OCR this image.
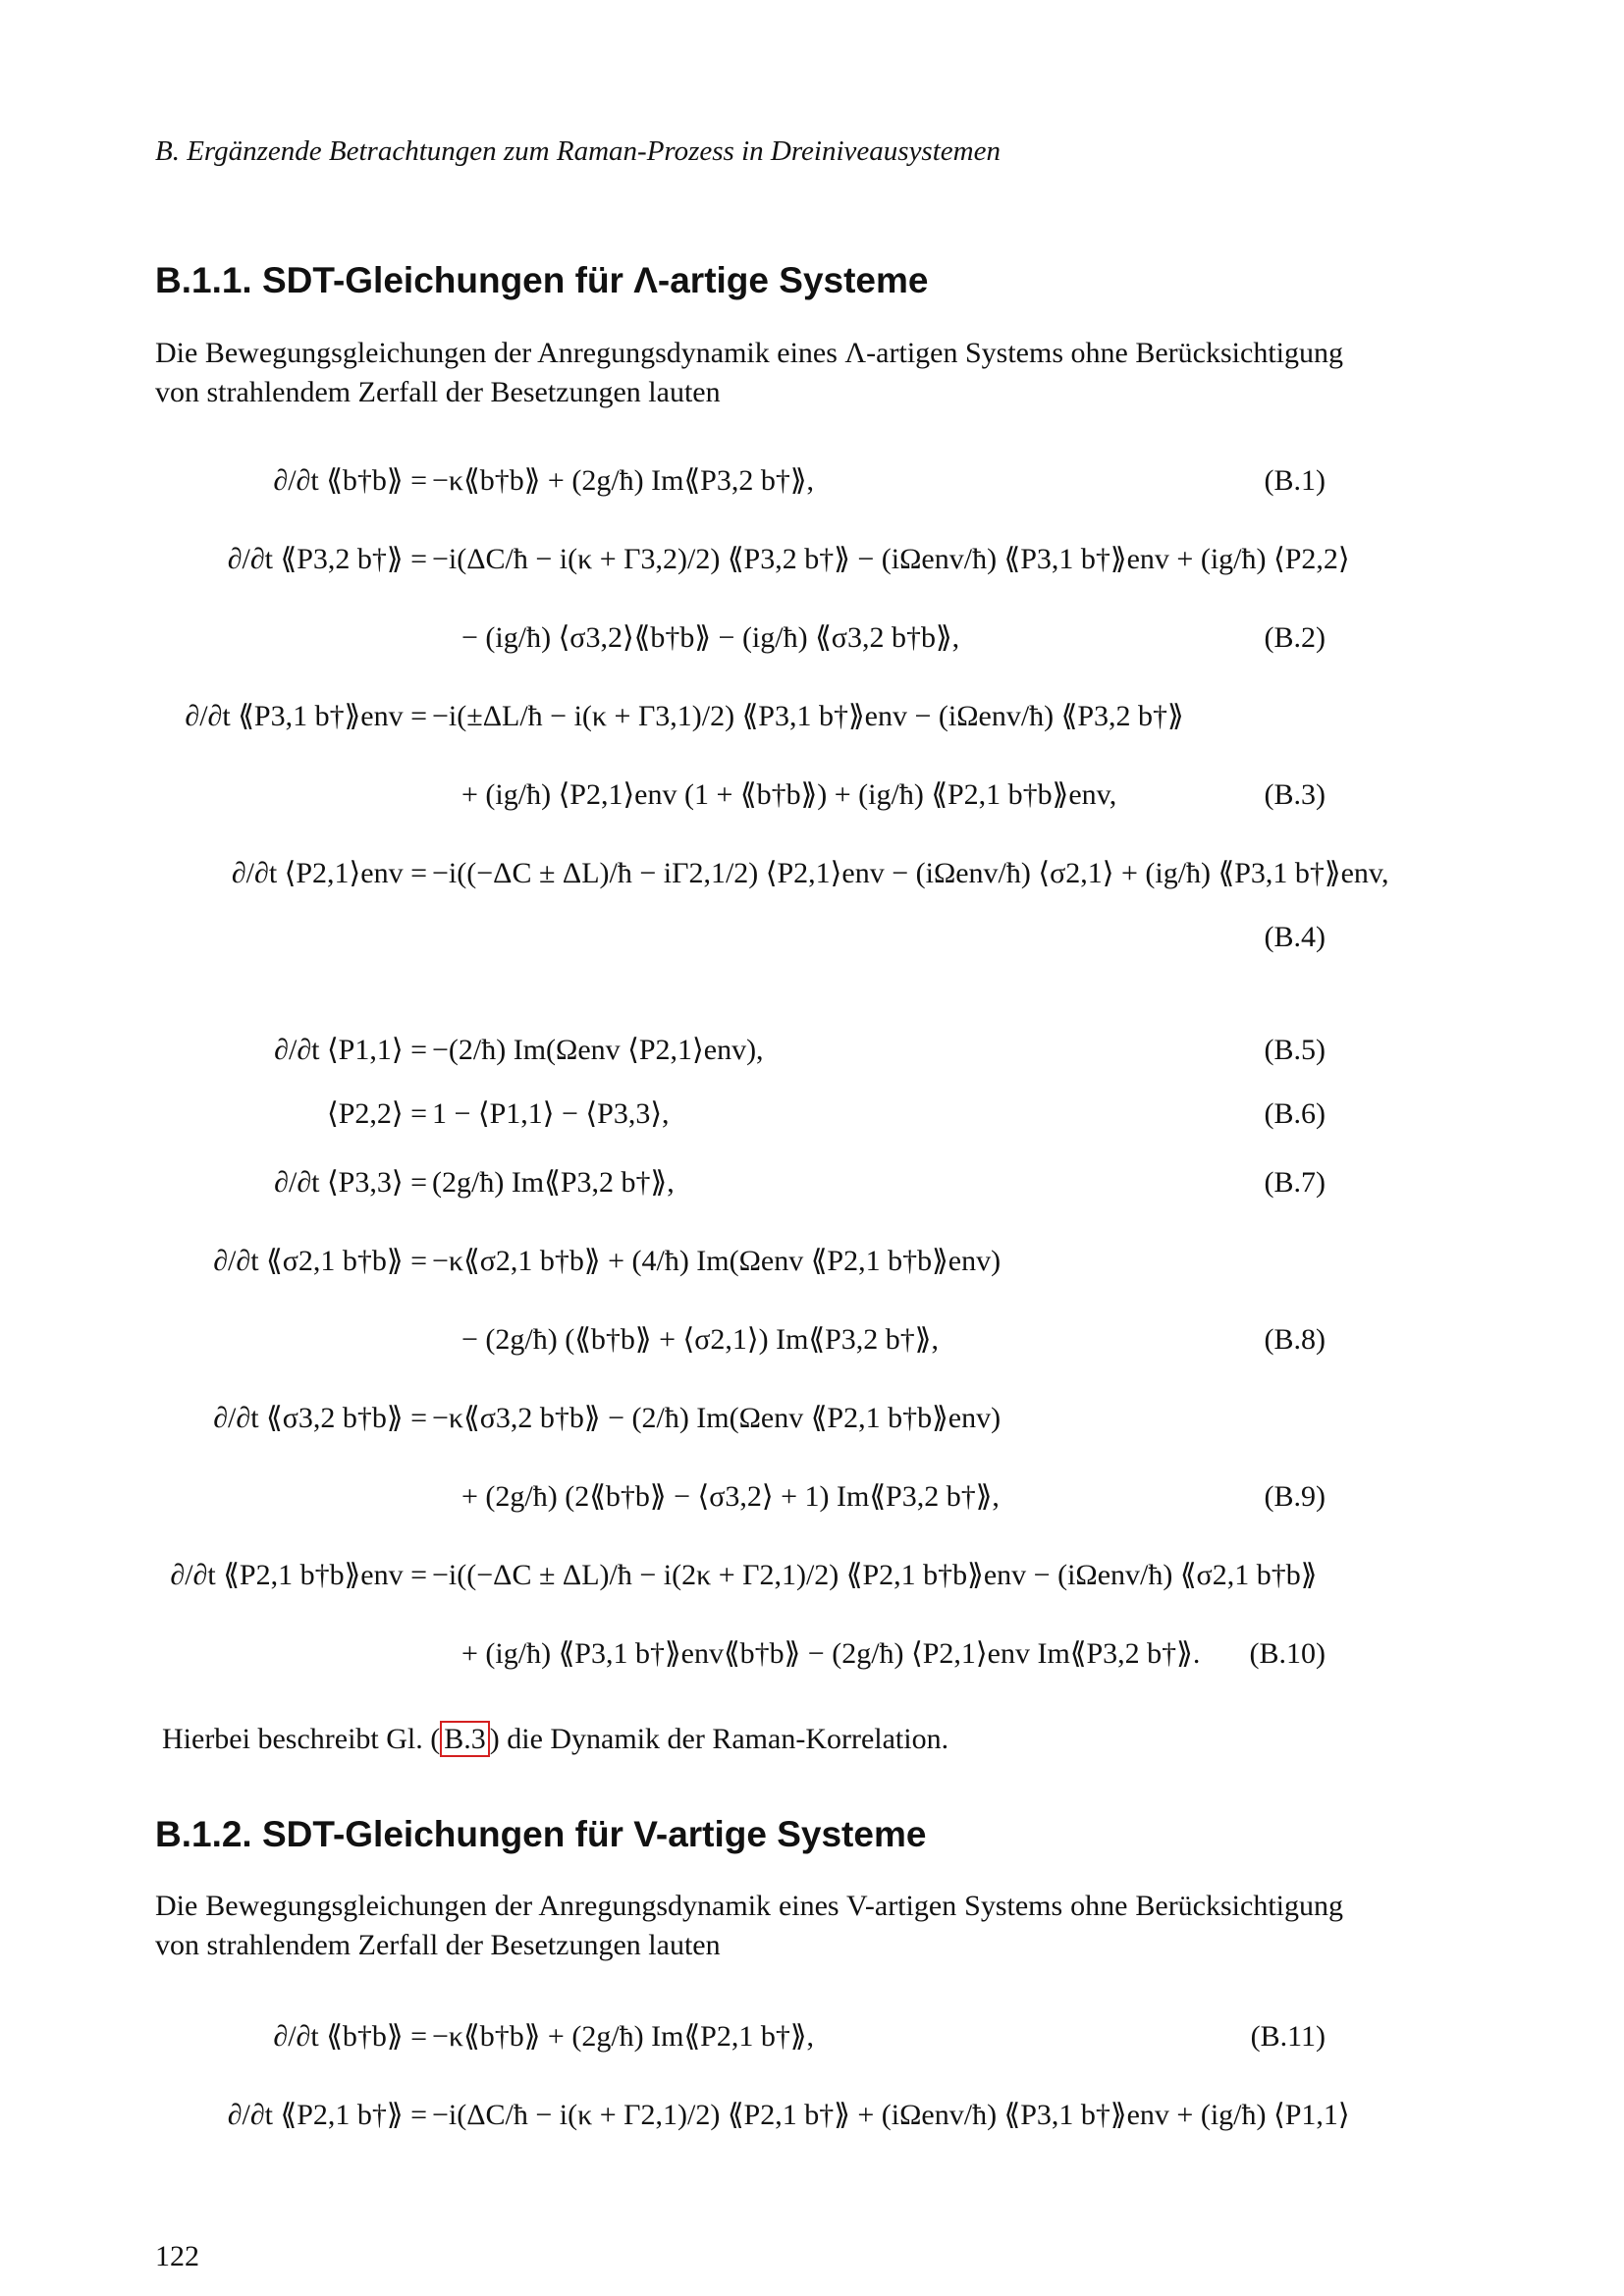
B. Ergänzende Betrachtungen zum Raman-Prozess in Dreiniveausystemen
B.1.1. SDT-Gleichungen für Λ-artige Systeme
Die Bewegungsgleichungen der Anregungsdynamik eines Λ-artigen Systems ohne Berücksichtigung von strahlendem Zerfall der Besetzungen lauten
∂/∂t ⟪b†b⟫ = −κ⟪b†b⟫ + (2g/ħ) Im⟪P3,2 b†⟫,	(B.1)
∂/∂t ⟪P3,2 b†⟫ = −i(ΔC/ħ − i(κ + Γ3,2)/2) ⟪P3,2 b†⟫ − (iΩenv/ħ) ⟪P3,1 b†⟫env + (ig/ħ) ⟨P2,2⟩
− (ig/ħ) ⟨σ3,2⟩⟪b†b⟫ − (ig/ħ) ⟪σ3,2 b†b⟫,	(B.2)
∂/∂t ⟪P3,1 b†⟫env = −i(±ΔL/ħ − i(κ + Γ3,1)/2) ⟪P3,1 b†⟫env − (iΩenv/ħ) ⟪P3,2 b†⟫
+ (ig/ħ) ⟨P2,1⟩env (1 + ⟪b†b⟫) + (ig/ħ) ⟪P2,1 b†b⟫env,	(B.3)
∂/∂t ⟨P2,1⟩env = −i((−ΔC ± ΔL)/ħ − iΓ2,1/2) ⟨P2,1⟩env − (iΩenv/ħ) ⟨σ2,1⟩ + (ig/ħ) ⟪P3,1 b†⟫env,
(B.4)
∂/∂t ⟨P1,1⟩ = −(2/ħ) Im(Ωenv ⟨P2,1⟩env),	(B.5)
⟨P2,2⟩ = 1 − ⟨P1,1⟩ − ⟨P3,3⟩,	(B.6)
∂/∂t ⟨P3,3⟩ = (2g/ħ) Im⟪P3,2 b†⟫,	(B.7)
∂/∂t ⟪σ2,1 b†b⟫ = −κ⟪σ2,1 b†b⟫ + (4/ħ) Im(Ωenv ⟪P2,1 b†b⟫env)
− (2g/ħ) (⟪b†b⟫ + ⟨σ2,1⟩) Im⟪P3,2 b†⟫,	(B.8)
∂/∂t ⟪σ3,2 b†b⟫ = −κ⟪σ3,2 b†b⟫ − (2/ħ) Im(Ωenv ⟪P2,1 b†b⟫env)
+ (2g/ħ) (2⟪b†b⟫ − ⟨σ3,2⟩ + 1) Im⟪P3,2 b†⟫,	(B.9)
∂/∂t ⟪P2,1 b†b⟫env = −i((−ΔC ± ΔL)/ħ − i(2κ + Γ2,1)/2) ⟪P2,1 b†b⟫env − (iΩenv/ħ) ⟪σ2,1 b†b⟫
+ (ig/ħ) ⟪P3,1 b†⟫env⟪b†b⟫ − (2g/ħ) ⟨P2,1⟩env Im⟪P3,2 b†⟫. (B.10)
Hierbei beschreibt Gl. ( B.3 ) die Dynamik der Raman-Korrelation.
B.1.2. SDT-Gleichungen für V-artige Systeme
Die Bewegungsgleichungen der Anregungsdynamik eines V-artigen Systems ohne Berücksichtigung von strahlendem Zerfall der Besetzungen lauten
∂/∂t ⟪b†b⟫ = −κ⟪b†b⟫ + (2g/ħ) Im⟪P2,1 b†⟫,	(B.11)
∂/∂t ⟪P2,1 b†⟫ = −i(ΔC/ħ − i(κ + Γ2,1)/2) ⟪P2,1 b†⟫ + (iΩenv/ħ) ⟪P3,1 b†⟫env + (ig/ħ) ⟨P1,1⟩
122
